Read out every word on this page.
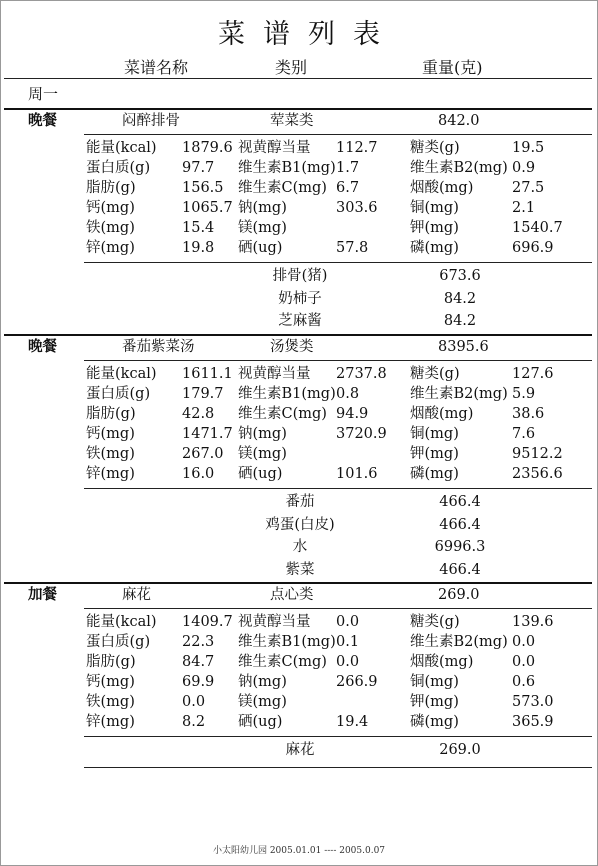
菜谱列表
菜谱名称	类别	重量(克)
周一
晚餐	闷醉排骨	荤菜类	842.0
能量(kcal) 1879.6 视黄醇当量 112.7 糖类(g)	19.5
蛋白质(g) 97.7 维生素B1(mg) 1.7	维生素B2(mg) 0.9
脂肪(g)	156.5 维生素C(mg) 6.7	烟酸(mg)	27.5
钙(mg)	1065.7 钠(mg)	303.6 铜(mg)	2.1
铁(mg)	15.4 镁(mg)	钾(mg)	1540.7
锌(mg)	19.8 硒(ug)	57.8	磷(mg)	696.9
排骨(猪)	673.6
奶柿子	84.2
芝麻酱	84.2
晚餐	番茄紫菜汤	汤煲类	8395.6
能量(kcal) 1611.1 视黄醇当量 2737.8 糖类(g)	127.6
蛋白质(g) 179.7 维生素B1(mg) 0.8	维生素B2(mg) 5.9
脂肪(g)	42.8 维生素C(mg) 94.9	烟酸(mg)	38.6
钙(mg)	1471.7 钠(mg)	3720.9 铜(mg)	7.6
铁(mg)	267.0 镁(mg)	钾(mg)	9512.2
锌(mg)	16.0 硒(ug)	101.6 磷(mg)	2356.6
番茄	466.4
鸡蛋(白皮)	466.4
水	6996.3
紫菜	466.4
加餐	麻花	点心类	269.0
能量(kcal) 1409.7 视黄醇当量 0.0	糖类(g)	139.6
蛋白质(g) 22.3 维生素B1(mg) 0.1	维生素B2(mg) 0.0
脂肪(g)	84.7 维生素C(mg) 0.0	烟酸(mg)	0.0
钙(mg)	69.9 钠(mg)	266.9 铜(mg)	0.6
铁(mg)	0.0 镁(mg)	钾(mg)	573.0
锌(mg)	8.2 硒(ug)	19.4	磷(mg)	365.9
麻花	269.0
小太阳幼儿园 2005.01.01 ---- 2005.0.07
